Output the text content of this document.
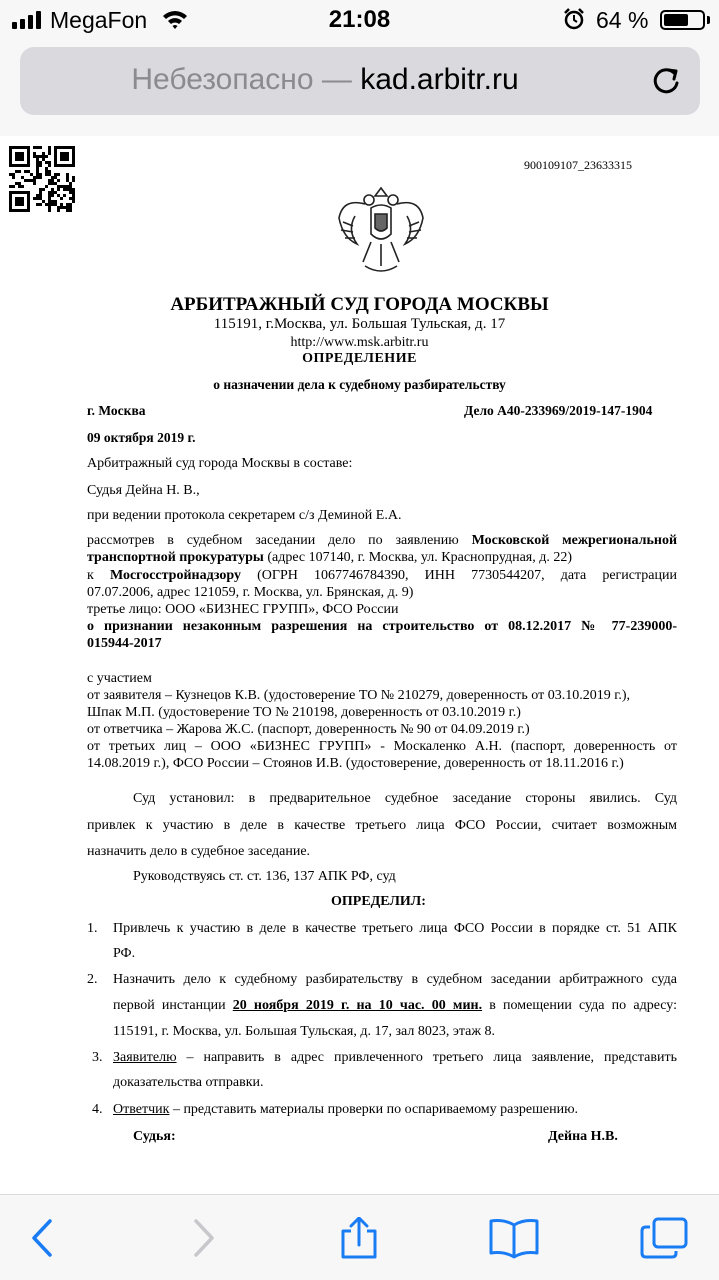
MegaFon	21:08	64 %
Небезопасно — kad.arbitr.ru
900109107_23633315
АРБИТРАЖНЫЙ СУД ГОРОДА МОСКВЫ
115191, г.Москва, ул. Большая Тульская, д. 17
http://www.msk.arbitr.ru
ОПРЕДЕЛЕНИЕ
о назначении дела к судебному разбирательству
г. Москва	Дело А40-233969/2019-147-1904
09 октября 2019 г.
Арбитражный суд города Москвы в составе:
Судья Дейна Н. В.,
при ведении протокола секретарем с/з Деминой Е.А.
рассмотрев в судебном заседании дело по заявлению Московской межрегиональной
транспортной прокуратуры (адрес 107140, г. Москва, ул. Краснопрудная, д. 22)
к Мосгосстройнадзору (ОГРН 1067746784390, ИНН 7730544207, дата регистрации
07.07.2006, адрес 121059, г. Москва, ул. Брянская, д. 9)
третье лицо: ООО «БИЗНЕС ГРУПП», ФСО России
о признании незаконным разрешения на строительство от 08.12.2017 № 77-239000-
015944-2017
с участием
от заявителя – Кузнецов К.В. (удостоверение ТО № 210279, доверенность от 03.10.2019 г.),
Шпак М.П. (удостоверение ТО № 210198, доверенность от 03.10.2019 г.)
от ответчика – Жарова Ж.С. (паспорт, доверенность № 90 от 04.09.2019 г.)
от третьих лиц – ООО «БИЗНЕС ГРУПП» - Москаленко А.Н. (паспорт, доверенность от
14.08.2019 г.), ФСО России – Стоянов И.В. (удостоверение, доверенность от 18.11.2016 г.)
Суд установил: в предварительное судебное заседание стороны явились. Суд
привлек к участию в деле в качестве третьего лица ФСО России, считает возможным
назначить дело в судебное заседание.
Руководствуясь ст. ст. 136, 137 АПК РФ, суд
ОПРЕДЕЛИЛ:
1. Привлечь к участию в деле в качестве третьего лица ФСО России в порядке ст. 51 АПК
РФ.
2. Назначить дело к судебному разбирательству в судебном заседании арбитражного суда
первой инстанции 20 ноября 2019 г. на 10 час. 00 мин. в помещении суда по адресу:
115191, г. Москва, ул. Большая Тульская, д. 17, зал 8023, этаж 8.
3. Заявителю – направить в адрес привлеченного третьего лица заявление, представить
доказательства отправки.
4. Ответчик – представить материалы проверки по оспариваемому разрешению.
Судья:	Дейна Н.В.
